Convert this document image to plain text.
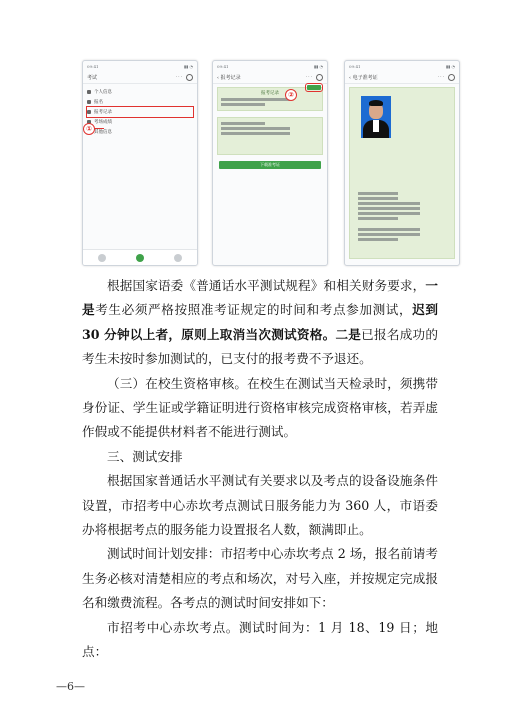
09:41	▮▮ ◔
考试	···
个人信息
报名
报考记录
考场成绩
其他信息
09:41	▮▮ ◔
‹
报考记录	···
报考记录
下载准考证
09:41	▮▮ ◔
‹
电子准考证	···
①
②

根据国家语委《普通话水平测试规程》和相关财务要求，一是考生必须严格按照准考证规定的时间和考点参加测试，迟到30 分钟以上者，原则上取消当次测试资格。二是已报名成功的考生未按时参加测试的，已支付的报考费不予退还。

（三）在校生资格审核。在校生在测试当天检录时，须携带身份证、学生证或学籍证明进行资格审核完成资格审核，若弄虚作假或不能提供材料者不能进行测试。

三、测试安排

根据国家普通话水平测试有关要求以及考点的设备设施条件设置，市招考中心赤坎考点测试日服务能力为 360 人，市语委办将根据考点的服务能力设置报名人数，额满即止。

测试时间计划安排：市招考中心赤坎考点 2 场，报名前请考生务必核对清楚相应的考点和场次，对号入座，并按规定完成报名和缴费流程。各考点的测试时间安排如下：

市招考中心赤坎考点。测试时间为：1 月 18、19 日；地点：

—6—
